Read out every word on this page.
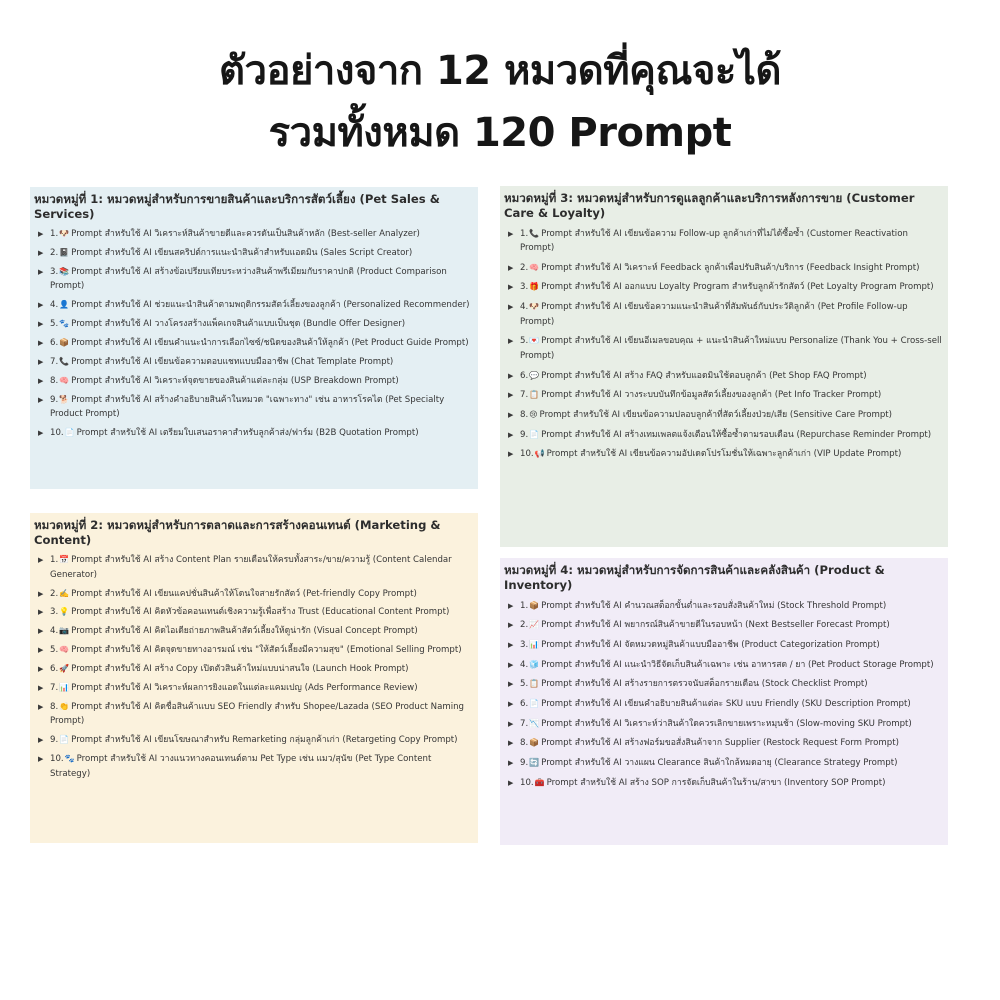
ตัวอย่างจาก 12 หมวดที่คุณจะได้
รวมทั้งหมด 120 Prompt
หมวดหมู่ที่ 1: หมวดหมู่สำหรับการขายสินค้าและบริการสัตว์เลี้ยง (Pet Sales & Services)
▶ 1.🐶 Prompt สำหรับใช้ AI วิเคราะห์สินค้าขายดีและควรดันเป็นสินค้าหลัก (Best-seller Analyzer)
▶ 2.📓 Prompt สำหรับใช้ AI เขียนสคริปต์การแนะนำสินค้าสำหรับแอดมิน (Sales Script Creator)
▶ 3.📚 Prompt สำหรับใช้ AI สร้างข้อเปรียบเทียบระหว่างสินค้าพรีเมียมกับราคาปกติ (Product Comparison Prompt)
▶ 4.👤 Prompt สำหรับใช้ AI ช่วยแนะนำสินค้าตามพฤติกรรมสัตว์เลี้ยงของลูกค้า (Personalized Recommender)
▶ 5.🐾 Prompt สำหรับใช้ AI วางโครงสร้างแพ็คเกจสินค้าแบบเป็นชุด (Bundle Offer Designer)
▶ 6.📦 Prompt สำหรับใช้ AI เขียนคำแนะนำการเลือกไซซ์/ชนิดของสินค้าให้ลูกค้า (Pet Product Guide Prompt)
▶ 7.📞 Prompt สำหรับใช้ AI เขียนข้อความตอบแชทแบบมืออาชีพ (Chat Template Prompt)
▶ 8.🧠 Prompt สำหรับใช้ AI วิเคราะห์จุดขายของสินค้าแต่ละกลุ่ม (USP Breakdown Prompt)
▶ 9.🐕 Prompt สำหรับใช้ AI สร้างคำอธิบายสินค้าในหมวด "เฉพาะทาง" เช่น อาหารโรคไต (Pet Specialty Product Prompt)
▶ 10.📄 Prompt สำหรับใช้ AI เตรียมใบเสนอราคาสำหรับลูกค้าส่ง/ฟาร์ม (B2B Quotation Prompt)
หมวดหมู่ที่ 2: หมวดหมู่สำหรับการตลาดและการสร้างคอนเทนต์ (Marketing & Content)
▶ 1.📅 Prompt สำหรับใช้ AI สร้าง Content Plan รายเดือนให้ครบทั้งสาระ/ขาย/ความรู้ (Content Calendar Generator)
▶ 2.✍️ Prompt สำหรับใช้ AI เขียนแคปชั่นสินค้าให้โดนใจสายรักสัตว์ (Pet-friendly Copy Prompt)
▶ 3.💡 Prompt สำหรับใช้ AI คิดหัวข้อคอนเทนต์เชิงความรู้เพื่อสร้าง Trust (Educational Content Prompt)
▶ 4.📷 Prompt สำหรับใช้ AI คิดไอเดียถ่ายภาพสินค้าสัตว์เลี้ยงให้ดูน่ารัก (Visual Concept Prompt)
▶ 5.🧠 Prompt สำหรับใช้ AI คิดจุดขายทางอารมณ์ เช่น "ให้สัตว์เลี้ยงมีความสุข" (Emotional Selling Prompt)
▶ 6.🚀 Prompt สำหรับใช้ AI สร้าง Copy เปิดตัวสินค้าใหม่แบบน่าสนใจ (Launch Hook Prompt)
▶ 7.📊 Prompt สำหรับใช้ AI วิเคราะห์ผลการยิงแอดในแต่ละแคมเปญ (Ads Performance Review)
▶ 8.👏 Prompt สำหรับใช้ AI คิดชื่อสินค้าแบบ SEO Friendly สำหรับ Shopee/Lazada (SEO Product Naming Prompt)
▶ 9.📄 Prompt สำหรับใช้ AI เขียนโฆษณาสำหรับ Remarketing กลุ่มลูกค้าเก่า (Retargeting Copy Prompt)
▶ 10.🐾 Prompt สำหรับใช้ AI วางแนวทางคอนเทนต์ตาม Pet Type เช่น แมว/สุนัข (Pet Type Content Strategy)
หมวดหมู่ที่ 3: หมวดหมู่สำหรับการดูแลลูกค้าและบริการหลังการขาย (Customer Care & Loyalty)
▶ 1.📞 Prompt สำหรับใช้ AI เขียนข้อความ Follow-up ลูกค้าเก่าที่ไม่ได้ซื้อซ้ำ (Customer Reactivation Prompt)
▶ 2.🧠 Prompt สำหรับใช้ AI วิเคราะห์ Feedback ลูกค้าเพื่อปรับสินค้า/บริการ (Feedback Insight Prompt)
▶ 3.🎁 Prompt สำหรับใช้ AI ออกแบบ Loyalty Program สำหรับลูกค้ารักสัตว์ (Pet Loyalty Program Prompt)
▶ 4.🐶 Prompt สำหรับใช้ AI เขียนข้อความแนะนำสินค้าที่สัมพันธ์กับประวัติลูกค้า (Pet Profile Follow-up Prompt)
▶ 5.💌 Prompt สำหรับใช้ AI เขียนอีเมลขอบคุณ + แนะนำสินค้าใหม่แบบ Personalize (Thank You + Cross-sell Prompt)
▶ 6.💬 Prompt สำหรับใช้ AI สร้าง FAQ สำหรับแอดมินใช้ตอบลูกค้า (Pet Shop FAQ Prompt)
▶ 7.📋 Prompt สำหรับใช้ AI วางระบบบันทึกข้อมูลสัตว์เลี้ยงของลูกค้า (Pet Info Tracker Prompt)
▶ 8.😢 Prompt สำหรับใช้ AI เขียนข้อความปลอบลูกค้าที่สัตว์เลี้ยงป่วย/เสีย (Sensitive Care Prompt)
▶ 9.📄 Prompt สำหรับใช้ AI สร้างเทมเพลตแจ้งเตือนให้ซื้อซ้ำตามรอบเดือน (Repurchase Reminder Prompt)
▶ 10.📢 Prompt สำหรับใช้ AI เขียนข้อความอัปเดตโปรโมชั่นให้เฉพาะลูกค้าเก่า (VIP Update Prompt)
หมวดหมู่ที่ 4: หมวดหมู่สำหรับการจัดการสินค้าและคลังสินค้า (Product & Inventory)
▶ 1.📦 Prompt สำหรับใช้ AI คำนวณสต็อกขั้นต่ำและรอบสั่งสินค้าใหม่ (Stock Threshold Prompt)
▶ 2.📈 Prompt สำหรับใช้ AI พยากรณ์สินค้าขายดีในรอบหน้า (Next Bestseller Forecast Prompt)
▶ 3.📊 Prompt สำหรับใช้ AI จัดหมวดหมู่สินค้าแบบมืออาชีพ (Product Categorization Prompt)
▶ 4.🧊 Prompt สำหรับใช้ AI แนะนำวิธีจัดเก็บสินค้าเฉพาะ เช่น อาหารสด / ยา (Pet Product Storage Prompt)
▶ 5.📋 Prompt สำหรับใช้ AI สร้างรายการตรวจนับสต็อกรายเดือน (Stock Checklist Prompt)
▶ 6.📄 Prompt สำหรับใช้ AI เขียนคำอธิบายสินค้าแต่ละ SKU แบบ Friendly (SKU Description Prompt)
▶ 7.📉 Prompt สำหรับใช้ AI วิเคราะห์ว่าสินค้าใดควรเลิกขายเพราะหมุนช้า (Slow-moving SKU Prompt)
▶ 8.📦 Prompt สำหรับใช้ AI สร้างฟอร์มขอสั่งสินค้าจาก Supplier (Restock Request Form Prompt)
▶ 9.🔄 Prompt สำหรับใช้ AI วางแผน Clearance สินค้าใกล้หมดอายุ (Clearance Strategy Prompt)
▶ 10.🧰 Prompt สำหรับใช้ AI สร้าง SOP การจัดเก็บสินค้าในร้าน/สาขา (Inventory SOP Prompt)
